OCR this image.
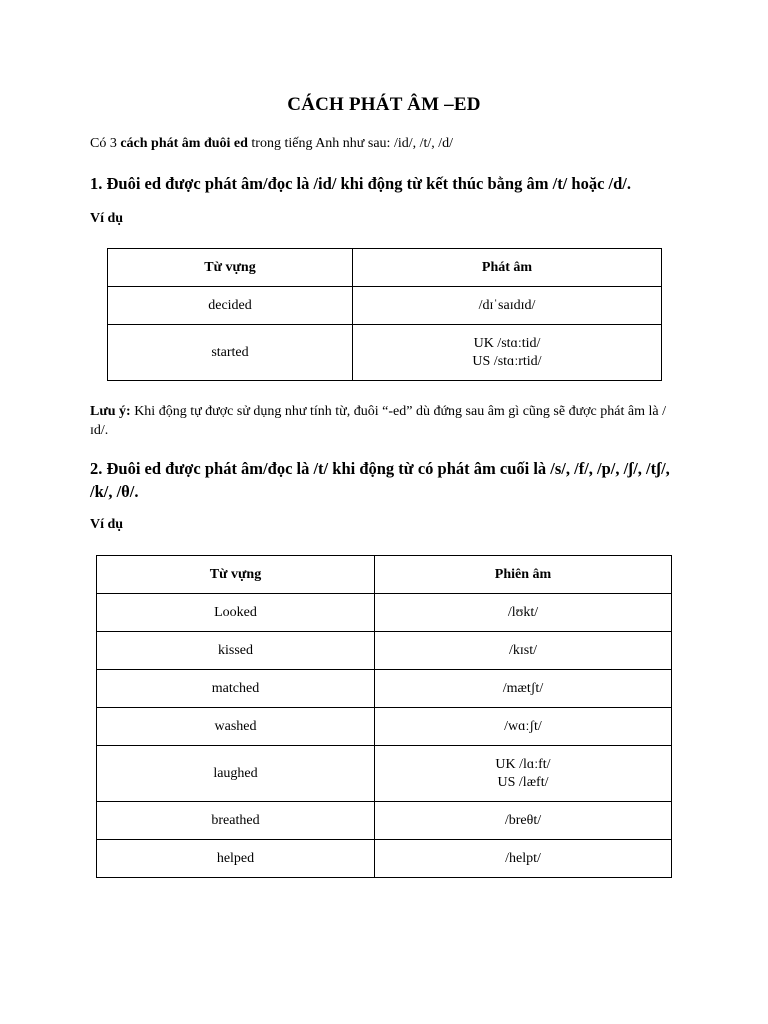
CÁCH PHÁT ÂM –ED
Có 3 cách phát âm đuôi ed trong tiếng Anh như sau: /id/, /t/, /d/
1. Đuôi ed được phát âm/đọc là /id/ khi động từ kết thúc bằng âm /t/ hoặc /d/.
Ví dụ
Từ vựng	Phát âm
decided	/dɪˈsaɪdɪd/
started	UK /stɑːtid/
US /stɑːrtid/
Lưu ý: Khi động tự được sử dụng như tính từ, đuôi “-ed” dù đứng sau âm gì cũng sẽ được phát âm là /ɪd/.
2. Đuôi ed được phát âm/đọc là /t/ khi động từ có phát âm cuối là /s/, /f/, /p/, /ʃ/, /tʃ/, /k/, /θ/.
Ví dụ
Từ vựng	Phiên âm
Looked	/lʊkt/
kissed	/kɪst/
matched	/mætʃt/
washed	/wɑːʃt/
laughed	UK /lɑːft/
US /læft/
breathed	/breθt/
helped	/helpt/
